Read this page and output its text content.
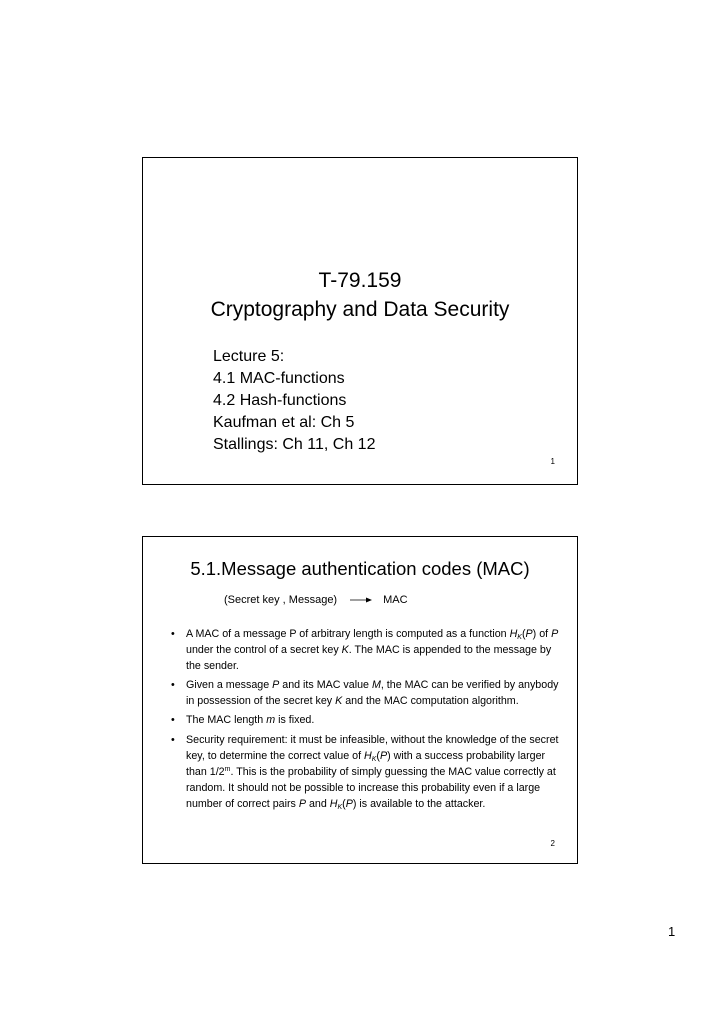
T-79.159
Cryptography and Data Security
Lecture 5:
4.1 MAC-functions
4.2 Hash-functions
Kaufman et al: Ch 5
Stallings: Ch 11, Ch 12
1
5.1.Message authentication codes (MAC)
(Secret key , Message)	MAC
• A MAC of a message P of arbitrary length is computed as a function $H_K(P)$ of P under the control of a secret key K. The MAC is appended to the message by the sender.
• Given a message P and its MAC value M, the MAC can be verified by anybody in possession of the secret key K and the MAC computation algorithm.
• The MAC length m is fixed.
• Security requirement: it must be infeasible, without the knowledge of the secret key, to determine the correct value of $H_K(P)$ with a success probability larger than 1/2$^m$. This is the probability of simply guessing the MAC value correctly at random. It should not be possible to increase this probability even if a large number of correct pairs P and $H_K(P)$ is available to the attacker.
2
1
